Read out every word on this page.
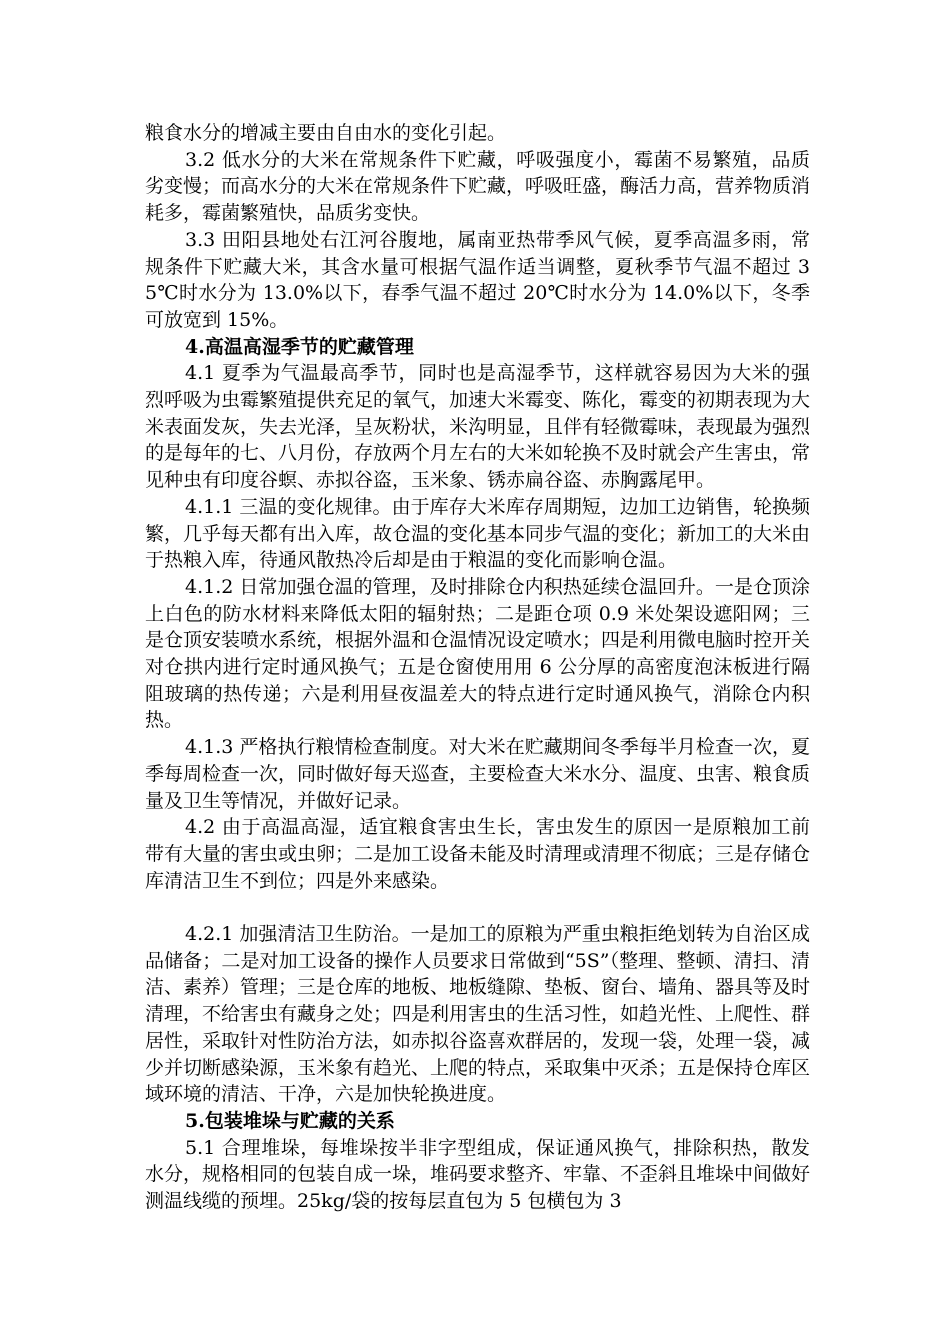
粮食水分的增减主要由自由水的变化引起。

3.2 低水分的大米在常规条件下贮藏，呼吸强度小，霉菌不易繁殖，品质劣变慢；而高水分的大米在常规条件下贮藏，呼吸旺盛，酶活力高，营养物质消耗多，霉菌繁殖快，品质劣变快。

3.3 田阳县地处右江河谷腹地，属南亚热带季风气候，夏季高温多雨，常规条件下贮藏大米，其含水量可根据气温作适当调整，夏秋季节气温不超过 35℃时水分为 13.0%以下，春季气温不超过 20℃时水分为 14.0%以下，冬季可放宽到 15%。

4.高温高湿季节的贮藏管理

4.1 夏季为气温最高季节，同时也是高湿季节，这样就容易因为大米的强烈呼吸为虫霉繁殖提供充足的氧气，加速大米霉变、陈化，霉变的初期表现为大米表面发灰，失去光泽，呈灰粉状，米沟明显，且伴有轻微霉味，表现最为强烈的是每年的七、八月份，存放两个月左右的大米如轮换不及时就会产生害虫，常见种虫有印度谷螟、赤拟谷盗，玉米象、锈赤扁谷盗、赤胸露尾甲。

4.1.1 三温的变化规律。由于库存大米库存周期短，边加工边销售，轮换频繁，几乎每天都有出入库，故仓温的变化基本同步气温的变化；新加工的大米由于热粮入库，待通风散热冷后却是由于粮温的变化而影响仓温。

4.1.2 日常加强仓温的管理，及时排除仓内积热延续仓温回升。一是仓顶涂上白色的防水材料来降低太阳的辐射热；二是距仓项 0.9 米处架设遮阳网；三是仓顶安装喷水系统，根据外温和仓温情况设定喷水；四是利用微电脑时控开关对仓拱内进行定时通风换气；五是仓窗使用用 6 公分厚的高密度泡沫板进行隔阻玻璃的热传递；六是利用昼夜温差大的特点进行定时通风换气，消除仓内积热。

4.1.3 严格执行粮情检查制度。对大米在贮藏期间冬季每半月检查一次，夏季每周检查一次，同时做好每天巡查，主要检查大米水分、温度、虫害、粮食质量及卫生等情况，并做好记录。

4.2 由于高温高湿，适宜粮食害虫生长，害虫发生的原因一是原粮加工前带有大量的害虫或虫卵；二是加工设备未能及时清理或清理不彻底；三是存储仓库清洁卫生不到位；四是外来感染。

4.2.1 加强清洁卫生防治。一是加工的原粮为严重虫粮拒绝划转为自治区成品储备；二是对加工设备的操作人员要求日常做到“5S”（整理、整顿、清扫、清洁、素养）管理；三是仓库的地板、地板缝隙、垫板、窗台、墙角、器具等及时清理，不给害虫有藏身之处；四是利用害虫的生活习性，如趋光性、上爬性、群居性，采取针对性防治方法，如赤拟谷盗喜欢群居的，发现一袋，处理一袋，减少并切断感染源，玉米象有趋光、上爬的特点，采取集中灭杀；五是保持仓库区域环境的清洁、干净，六是加快轮换进度。

5.包装堆垛与贮藏的关系

5.1 合理堆垛，每堆垛按半非字型组成，保证通风换气，排除积热，散发水分，规格相同的包装自成一垛，堆码要求整齐、牢靠、不歪斜且堆垛中间做好测温线缆的预埋。25kg/袋的按每层直包为 5 包横包为 3
